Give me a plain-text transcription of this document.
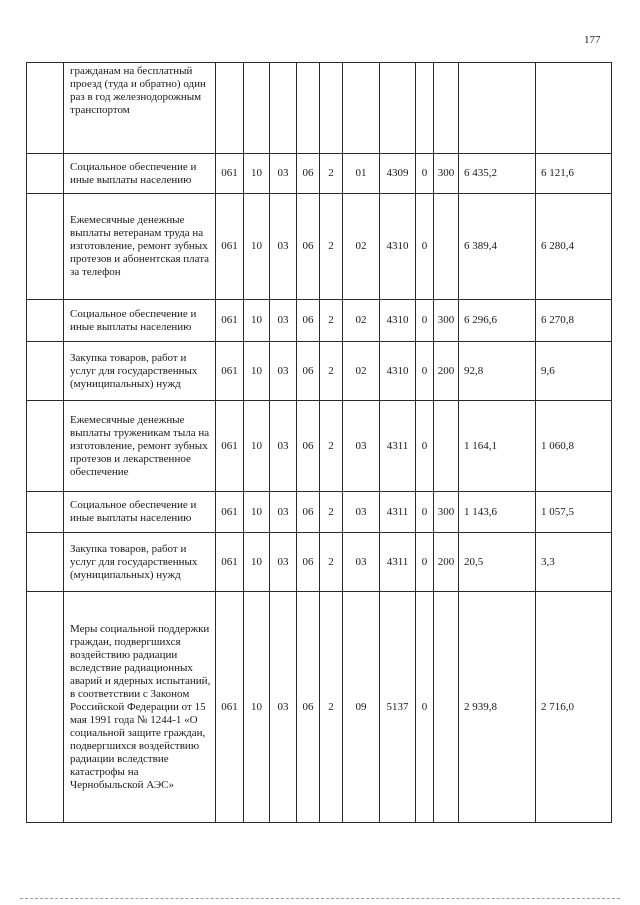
177
	гражданам на бесплатный проезд (туда и обратно) один раз в год железнодорожным транспортом											
	Социальное обеспечение и иные выплаты населению	061	10	03	06	2	01	4309	0	300	6 435,2	6 121,6
	Ежемесячные денежные выплаты ветеранам труда на изготовление, ремонт зубных протезов и абонентская плата за телефон	061	10	03	06	2	02	4310	0		6 389,4	6 280,4
	Социальное обеспечение и иные выплаты населению	061	10	03	06	2	02	4310	0	300	6 296,6	6 270,8
	Закупка товаров, работ и услуг для государственных (муниципальных) нужд	061	10	03	06	2	02	4310	0	200	92,8	9,6
	Ежемесячные денежные выплаты труженикам тыла на изготовление, ремонт зубных протезов и лекарственное обеспечение	061	10	03	06	2	03	4311	0		1 164,1	1 060,8
	Социальное обеспечение и иные выплаты населению	061	10	03	06	2	03	4311	0	300	1 143,6	1 057,5
	Закупка товаров, работ и услуг для государственных (муниципальных) нужд	061	10	03	06	2	03	4311	0	200	20,5	3,3
	Меры социальной поддержки граждан, подвергшихся воздействию радиации вследствие радиационных аварий и ядерных испытаний, в соответствии с Законом Российской Федерации от 15 мая 1991 года № 1244-1 «О социальной защите граждан, подвергшихся воздействию радиации вследствие катастрофы на Чернобыльской АЭС»	061	10	03	06	2	09	5137	0		2 939,8	2 716,0
